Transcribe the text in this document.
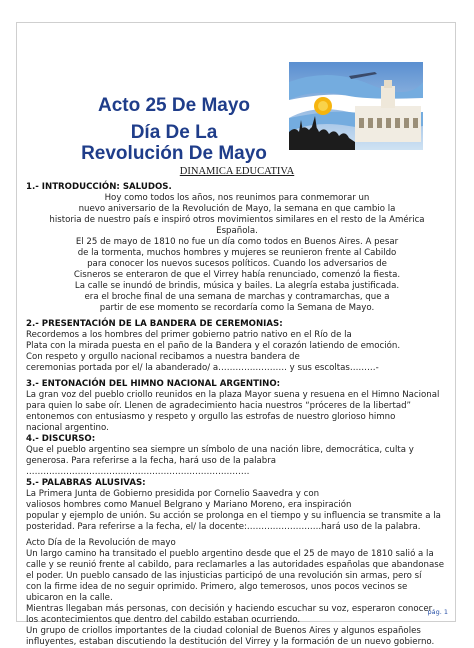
Acto 25 De Mayo
Día De La
Revolución De Mayo

DINAMICA EDUCATIVA

1.- INTRODUCCIÓN: SALUDOS.

Hoy como todos los años, nos reunimos para conmemorar un

nuevo aniversario de la Revolución de Mayo, la semana en que cambio la

historia de nuestro país e inspiró otros movimientos similares en el resto de la América

Española.

El 25 de mayo de 1810 no fue un día como todos en Buenos Aires. A pesar

de la tormenta, muchos hombres y mujeres se reunieron frente al Cabildo

para conocer los nuevos sucesos políticos. Cuando los adversarios de

Cisneros se enteraron de que el Virrey había renunciado, comenzó la fiesta.

La calle se inundó de brindis, música y bailes. La alegría estaba justificada.

era el broche final de una semana de marchas y contramarchas, que a

partir de ese momento se recordaría como la Semana de Mayo.

2.- PRESENTACIÓN DE LA BANDERA DE CEREMONIAS:

Recordemos a los hombres del primer gobierno patrio nativo en el Río de la

Plata con la mirada puesta en el paño de la Bandera y el corazón latiendo de emoción.

Con respeto y orgullo nacional recibamos a nuestra bandera de

ceremonias portada por el/ la abanderado/ a…………………… y sus escoltas………-

3.- ENTONACIÓN DEL HIMNO NACIONAL ARGENTINO:

La gran voz del pueblo criollo reunidos en la plaza Mayor suena y resuena en el Himno Nacional

para quien lo sabe oír. Llenen de agradecimiento hacia nuestros “próceres de la libertad”

entonemos con entusiasmo y respeto y orgullo las estrofas de nuestro glorioso himno

nacional argentino.

4.- DISCURSO:

Que el pueblo argentino sea siempre un símbolo de una nación libre, democrática, culta y

generosa. Para referirse a la fecha, hará uso de la palabra

……………………………………………………………………

5.- PALABRAS ALUSIVAS:

La Primera Junta de Gobierno presidida por Cornelio Saavedra y con

valiosos hombres como Manuel Belgrano y Mariano Moreno, era inspiración

popular y ejemplo de unión. Su acción se prolonga en el tiempo y su influencia se transmite a la

posteridad. Para referirse a la fecha, el/ la docente:……………………..hará uso de la palabra.

Acto Día de la Revolución de mayo

Un largo camino ha transitado el pueblo argentino desde que el 25 de mayo de 1810 salió a la

calle y se reunió frente al cabildo, para reclamarles a las autoridades españolas que abandonase

el poder. Un pueblo cansado de las injusticias participó de una revolución sin armas, pero sí

con la firme idea de no seguir oprimido. Primero, algo temerosos, unos pocos vecinos se

ubicaron en la calle.

Mientras llegaban más personas, con decisión y haciendo escuchar su voz, esperaron conocer

los acontecimientos que dentro del cabildo estaban ocurriendo.

Un grupo de criollos importantes de la ciudad colonial de Buenos Aires y algunos españoles

influyentes, estaban discutiendo la destitución del Virrey y la formación de un nuevo gobierno.

pág. 1
